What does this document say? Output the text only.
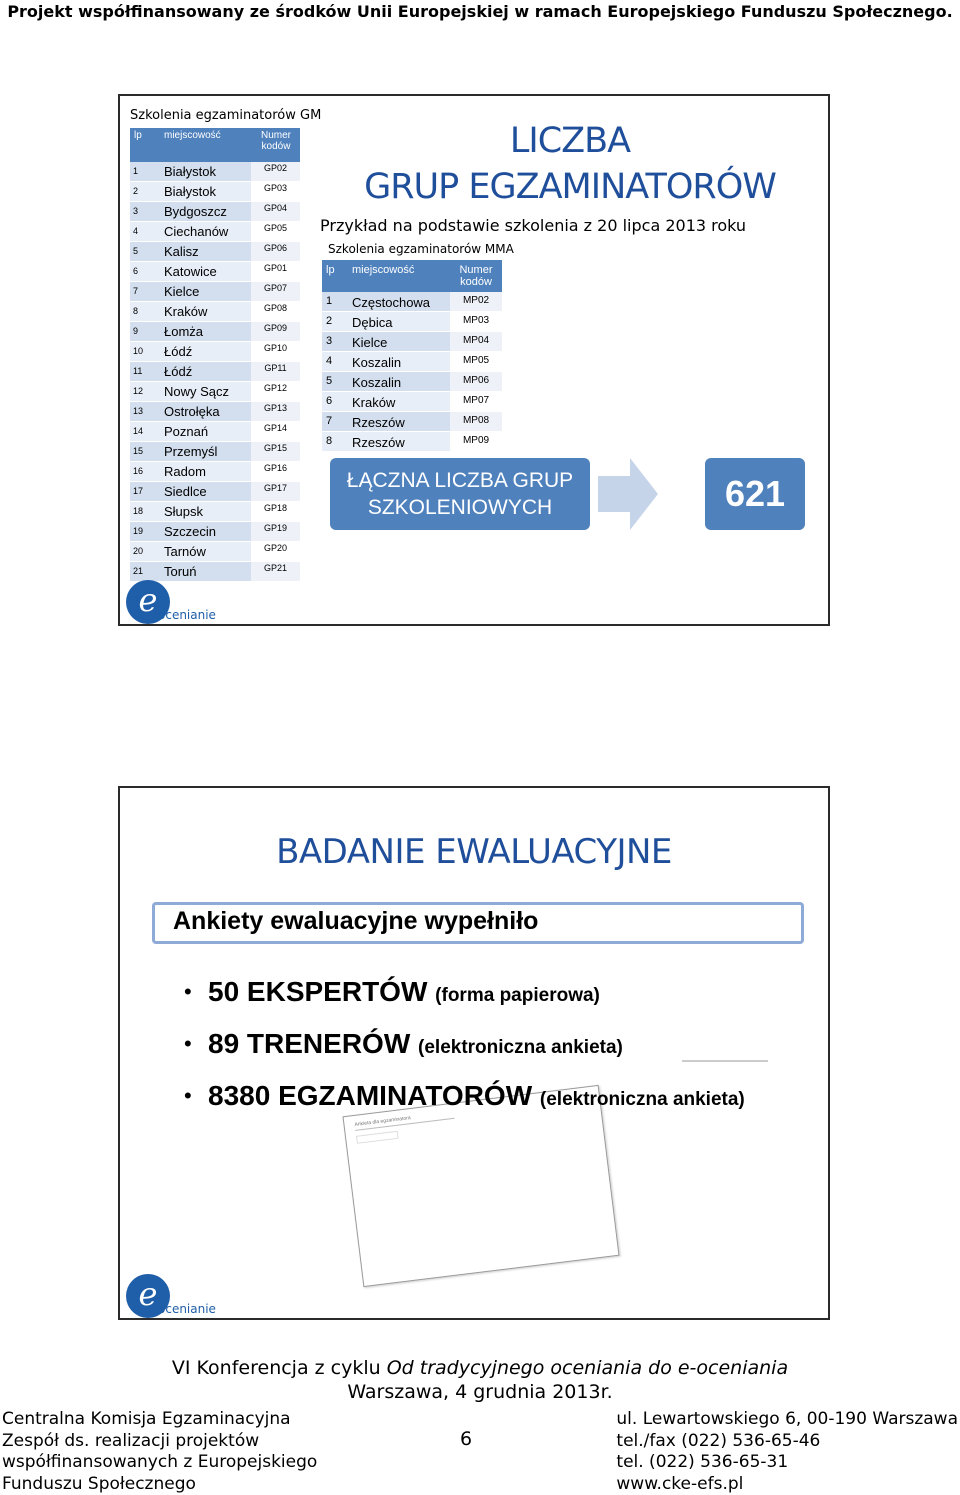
Projekt współfinansowany ze środków Unii Europejskiej w ramach Europejskiego Funduszu Społecznego.
Szkolenia egzaminatorów GM
lp miejscowość	Numer kodów
1	Białystok	GP02
2	Białystok	GP03
3	Bydgoszcz	GP04
4	Ciechanów	GP05
5	Kalisz	GP06
6	Katowice	GP01
7	Kielce	GP07
8	Kraków	GP08
9	Łomża	GP09
10	Łódź	GP10
11	Łódź	GP11
12	Nowy Sącz	GP12
13	Ostrołęka	GP13
14	Poznań	GP14
15	Przemyśl	GP15
16	Radom	GP16
17	Siedlce	GP17
18	Słupsk	GP18
19	Szczecin	GP19
20	Tarnów	GP20
21	Toruń	GP21
LICZBA
GRUP EGZAMINATORÓW
Przykład na podstawie szkolenia z 20 lipca 2013 roku
Szkolenia egzaminatorów MMA
lp miejscowość	Numer kodów
1	Częstochowa	MP02
2	Dębica	MP03
3	Kielce	MP04
4	Koszalin	MP05
5	Koszalin	MP06
6	Kraków	MP07
7	Rzeszów	MP08
8	Rzeszów	MP09
ŁĄCZNA LICZBA GRUP
SZKOLENIOWYCH	621
e ocenianie
BADANIE EWALUACYJNE
Ankiety ewaluacyjne wypełniło
Ankieta dla egzaminatora
• 50 EKSPERTÓW (forma papierowa)
• 89 TRENERÓW (elektroniczna ankieta)
• 8380 EGZAMINATORÓW (elektroniczna ankieta)
e ocenianie
VI Konferencja z cyklu Od tradycyjnego oceniania do e-oceniania
Warszawa, 4 grudnia 2013r.
Centralna Komisja Egzaminacyjna
Zespół ds. realizacji projektów
współfinansowanych z Europejskiego
Funduszu Społecznego
6
ul. Lewartowskiego 6, 00-190 Warszawa
tel./fax (022) 536-65-46
tel. (022) 536-65-31
www.cke-efs.pl
